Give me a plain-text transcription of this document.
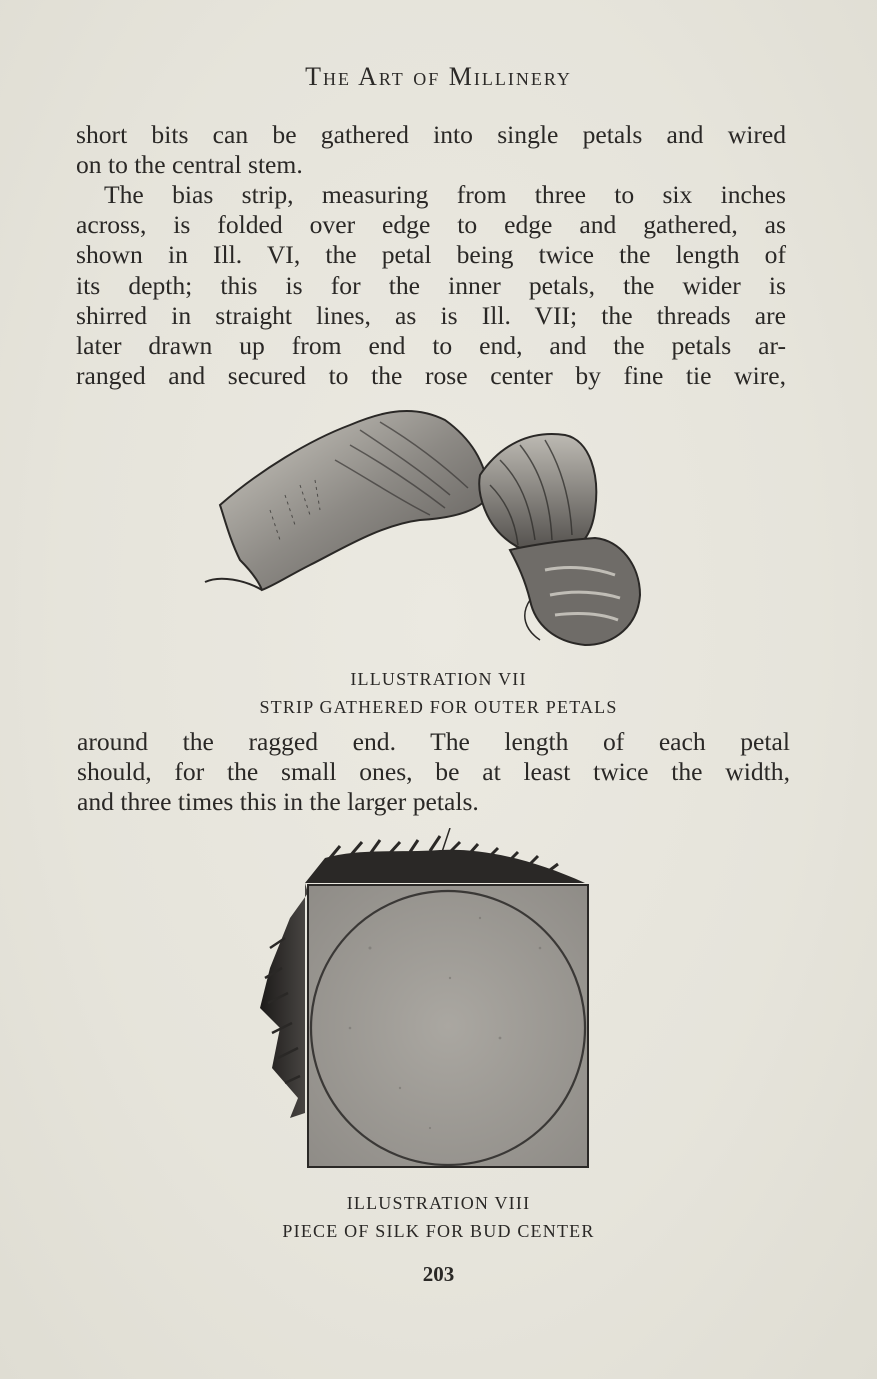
The Art of Millinery
short bits can be gathered into single petals and wired
on to the central stem.
The bias strip, measuring from three to six inches
across, is folded over edge to edge and gathered, as
shown in Ill. VI, the petal being twice the length of
its depth; this is for the inner petals, the wider is
shirred in straight lines, as is Ill. VII; the threads are
later drawn up from end to end, and the petals ar-
ranged and secured to the rose center by fine tie wire,
ILLUSTRATION VII
STRIP GATHERED FOR OUTER PETALS
around the ragged end. The length of each petal
should, for the small ones, be at least twice the width,
and three times this in the larger petals.
ILLUSTRATION VIII
PIECE OF SILK FOR BUD CENTER
203
